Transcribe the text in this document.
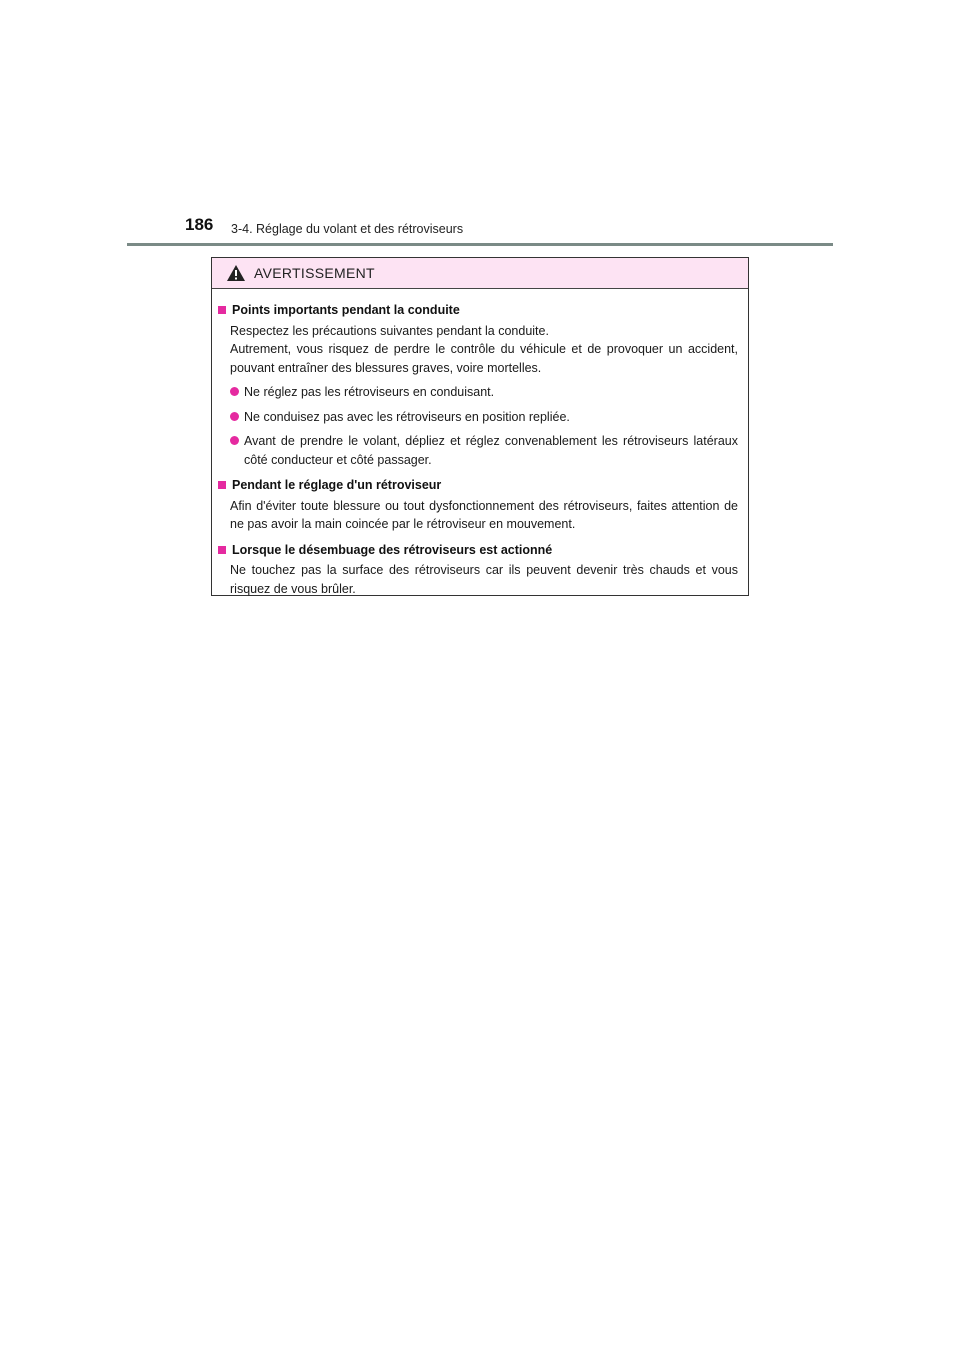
186 3-4. Réglage du volant et des rétroviseurs
AVERTISSEMENT
Points importants pendant la conduite

Respectez les précautions suivantes pendant la conduite.

Autrement, vous risquez de perdre le contrôle du véhicule et de provoquer un accident, pouvant entraîner des blessures graves, voire mortelles.

Ne réglez pas les rétroviseurs en conduisant.
Ne conduisez pas avec les rétroviseurs en position repliée.
Avant de prendre le volant, dépliez et réglez convenablement les rétroviseurs latéraux côté conducteur et côté passager.
Pendant le réglage d'un rétroviseur

Afin d'éviter toute blessure ou tout dysfonctionnement des rétroviseurs, faites attention de ne pas avoir la main coincée par le rétroviseur en mouvement.

Lorsque le désembuage des rétroviseurs est actionné

Ne touchez pas la surface des rétroviseurs car ils peuvent devenir très chauds et vous risquez de vous brûler.
